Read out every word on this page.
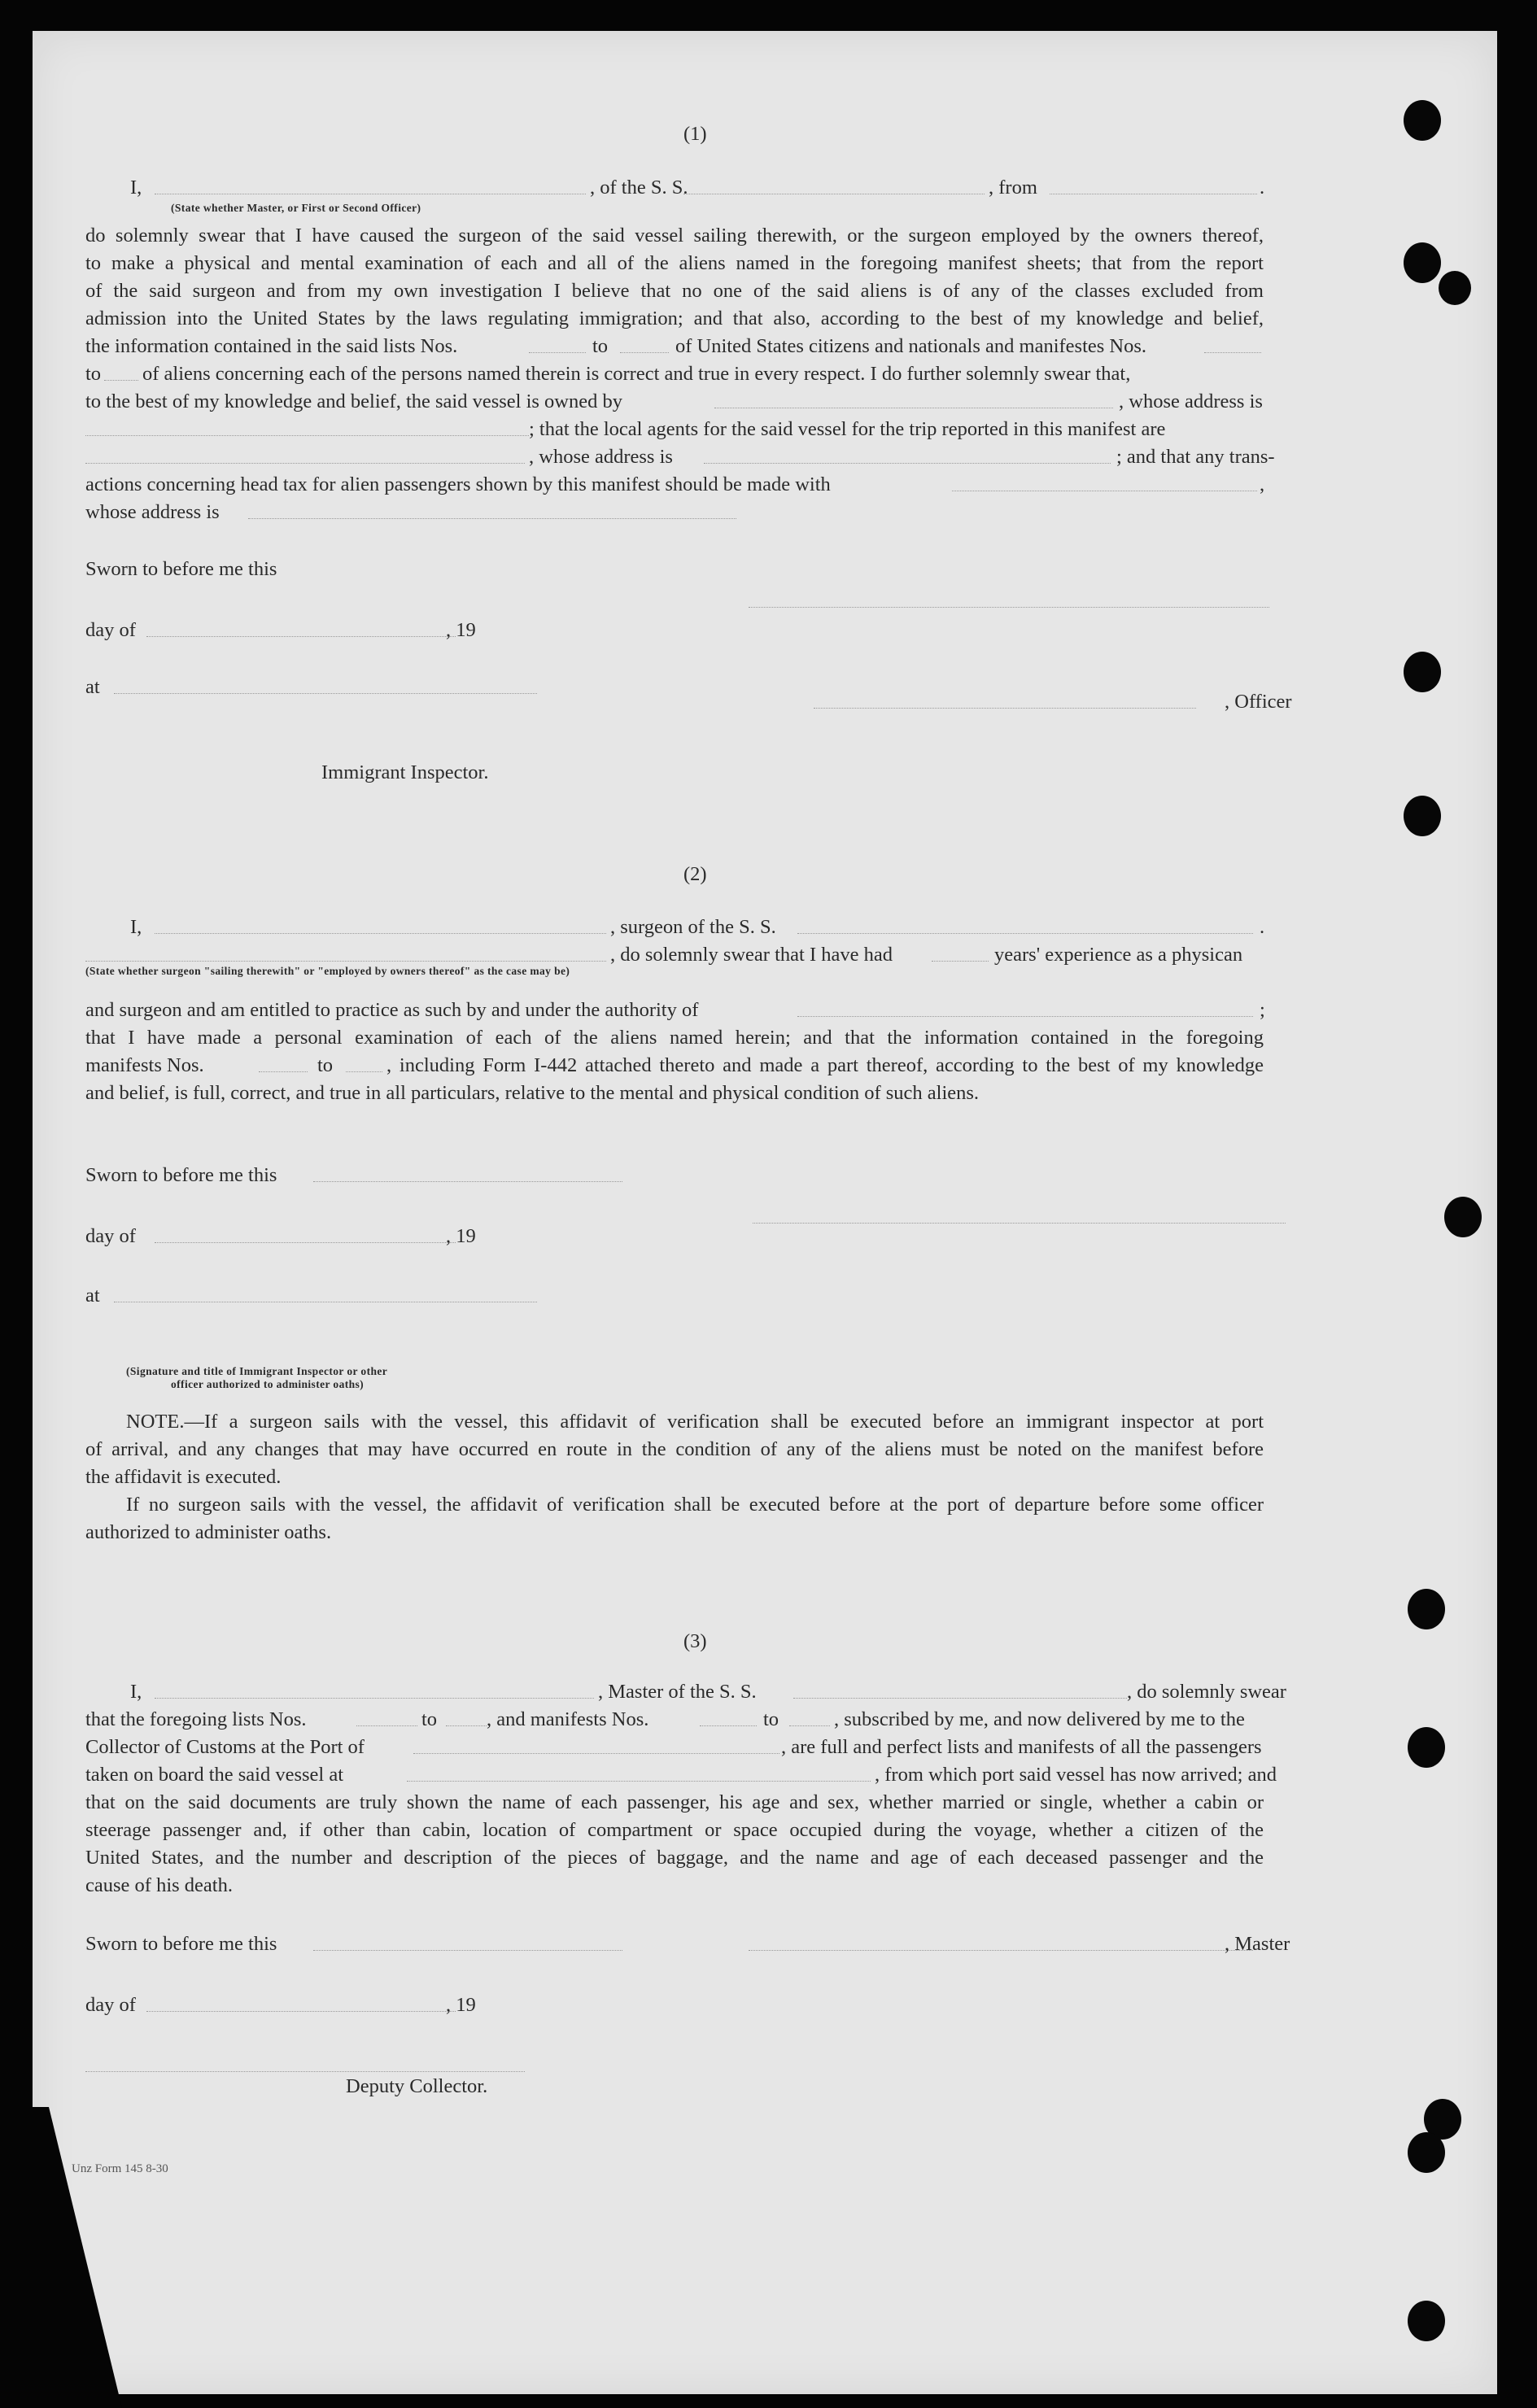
(1)
I,	, of the S. S.	, from	.
(State whether Master, or First or Second Officer)
do solemnly swear that I have caused the surgeon of the said vessel sailing therewith, or the surgeon employed by the owners thereof,
to make a physical and mental examination of each and all of the aliens named in the foregoing manifest sheets; that from the report
of the said surgeon and from my own investigation I believe that no one of the said aliens is of any of the classes excluded from
admission into the United States by the laws regulating immigration; and that also, according to the best of my knowledge and belief,
the information contained in the said lists Nos.	to	of United States citizens and nationals and manifestes Nos.
to of aliens concerning each of the persons named therein is correct and true in every respect. I do further solemnly swear that,
to the best of my knowledge and belief, the said vessel is owned by	, whose address is
; that the local agents for the said vessel for the trip reported in this manifest are
, whose address is	; and that any trans-
actions concerning head tax for alien passengers shown by this manifest should be made with	,
whose address is
Sworn to before me this
day of	, 19
at
, Officer
Immigrant Inspector.
(2)
I,	, surgeon of the S. S.	.
, do solemnly swear that I have had	years' experience as a physican
(State whether surgeon "sailing therewith" or "employed by owners thereof" as the case may be)
and surgeon and am entitled to practice as such by and under the authority of	;
that I have made a personal examination of each of the aliens named herein; and that the information contained in the foregoing
manifests Nos.	to	, including Form I-442 attached thereto and made a part thereof, according to the best of my knowledge
and belief, is full, correct, and true in all particulars, relative to the mental and physical condition of such aliens.
Sworn to before me this
day of	, 19
at
(Signature and title of Immigrant Inspector or other
officer authorized to administer oaths)
NOTE.—If a surgeon sails with the vessel, this affidavit of verification shall be executed before an immigrant inspector at port
of arrival, and any changes that may have occurred en route in the condition of any of the aliens must be noted on the manifest before
the affidavit is executed.
If no surgeon sails with the vessel, the affidavit of verification shall be executed before at the port of departure before some officer
authorized to administer oaths.
(3)
I,	, Master of the S. S.	, do solemnly swear
that the foregoing lists Nos.	to , and manifests Nos.	to	, subscribed by me, and now delivered by me to the
Collector of Customs at the Port of	, are full and perfect lists and manifests of all the passengers
taken on board the said vessel at	, from which port said vessel has now arrived; and
that on the said documents are truly shown the name of each passenger, his age and sex, whether married or single, whether a cabin or
steerage passenger and, if other than cabin, location of compartment or space occupied during the voyage, whether a citizen of the
United States, and the number and description of the pieces of baggage, and the name and age of each deceased passenger and the
cause of his death.
Sworn to before me this	, Master
day of	, 19
Deputy Collector.
Unz Form 145 8-30
